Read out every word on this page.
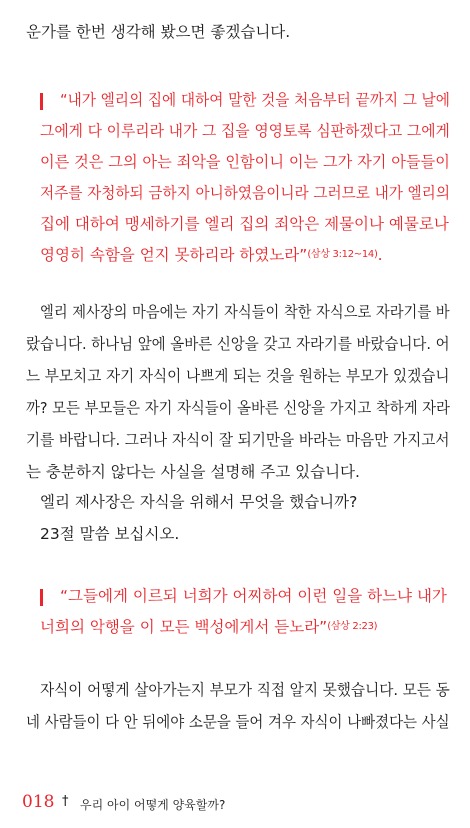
운가를 한번 생각해 봤으면 좋겠습니다.
“내가 엘리의 집에 대하여 말한 것을 처음부터 끝까지 그 날에
그에게 다 이루리라 내가 그 집을 영영토록 심판하겠다고 그에게
이른 것은 그의 아는 죄악을 인함이니 이는 그가 자기 아들들이
저주를 자청하되 금하지 아니하였음이니라 그러므로 내가 엘리의
집에 대하여 맹세하기를 엘리 집의 죄악은 제물이나 예물로나
영영히 속함을 얻지 못하리라 하였노라”(삼상 3:12~14).
엘리 제사장의 마음에는 자기 자식들이 착한 자식으로 자라기를 바
랐습니다. 하나님 앞에 올바른 신앙을 갖고 자라기를 바랐습니다. 어
느 부모치고 자기 자식이 나쁘게 되는 것을 원하는 부모가 있겠습니
까? 모든 부모들은 자기 자식들이 올바른 신앙을 가지고 착하게 자라
기를 바랍니다. 그러나 자식이 잘 되기만을 바라는 마음만 가지고서
는 충분하지 않다는 사실을 설명해 주고 있습니다.
엘리 제사장은 자식을 위해서 무엇을 했습니까?
23절 말씀 보십시오.
“그들에게 이르되 너희가 어찌하여 이런 일을 하느냐 내가
너희의 악행을 이 모든 백성에게서 듣노라”(삼상 2:23)
자식이 어떻게 살아가는지 부모가 직접 알지 못했습니다. 모든 동
네 사람들이 다 안 뒤에야 소문을 들어 겨우 자식이 나빠졌다는 사실
018 † 우리 아이 어떻게 양육할까?
